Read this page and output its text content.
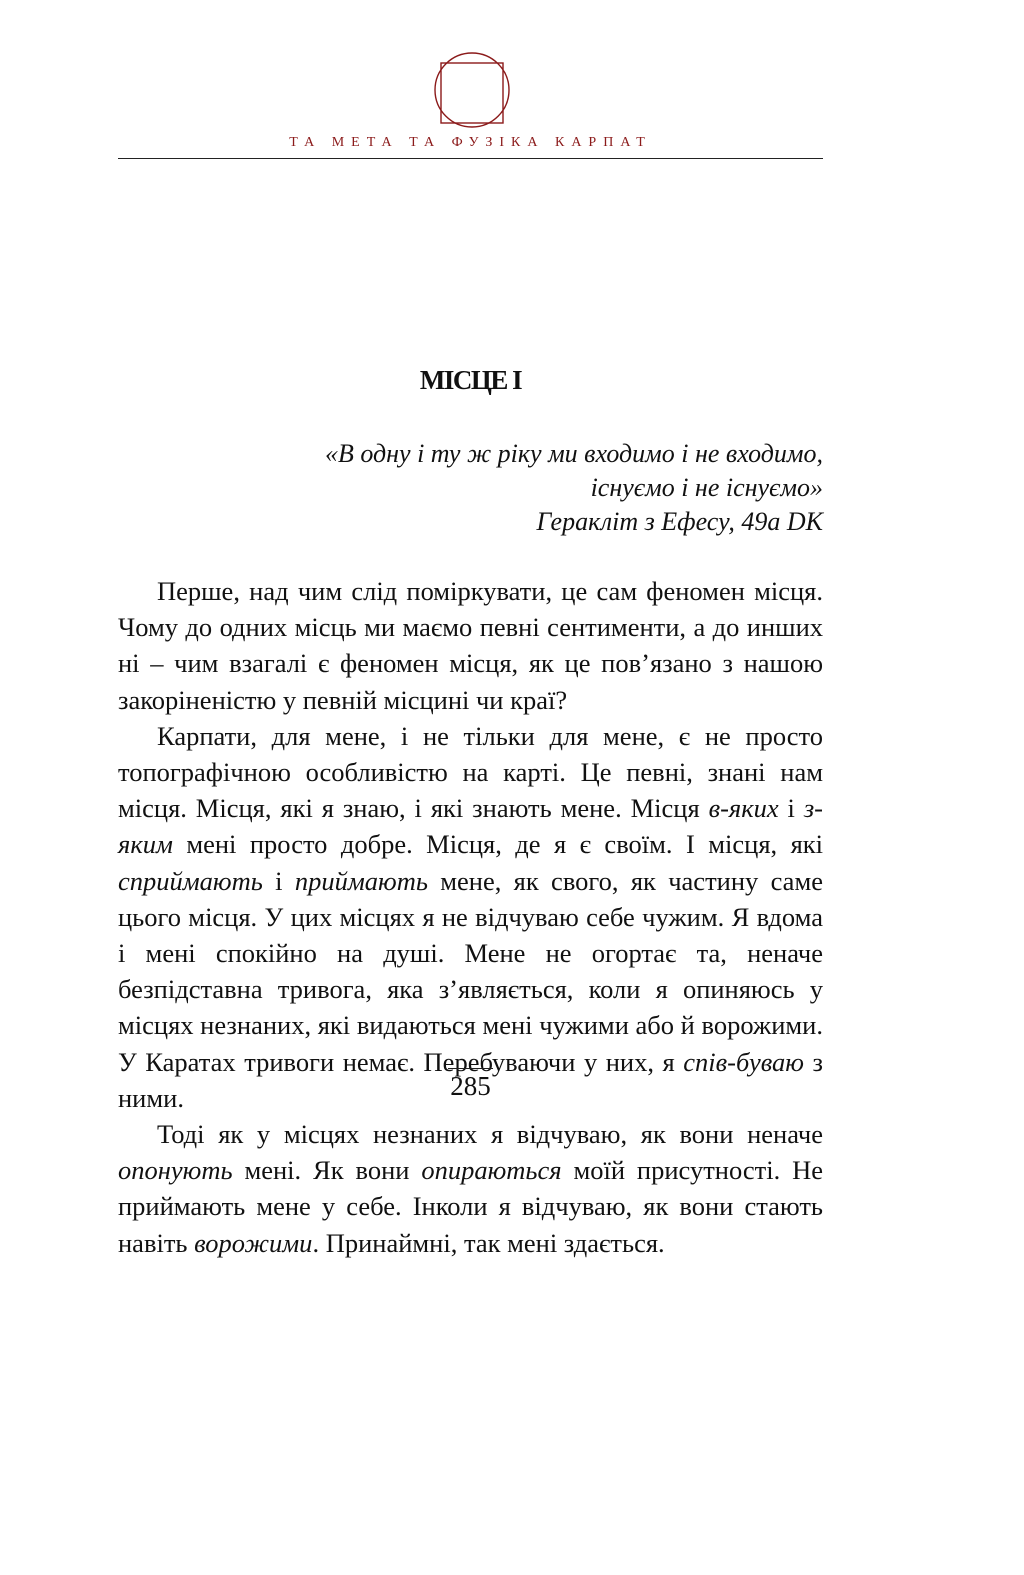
ТА МЕТА ТА ФУЗІКА КАРПАТ
МІСЦЕ І
«В одну і ту ж ріку ми входимо і не входимо,
існуємо і не існуємо»
Геракліт з Ефесу, 49a DK

Перше, над чим слід поміркувати, це сам феномен місця. Чому до одних місць ми маємо певні сентименти, а до инших ні – чим взагалі є феномен місця, як це пов’язано з нашою закоріненістю у певній місцині чи краї?

Карпати, для мене, і не тільки для мене, є не просто топографічною особливістю на карті. Це певні, знані нам місця. Місця, які я знаю, і які знають мене. Місця в-яких і з-яким мені просто добре. Місця, де я є своїм. І місця, які сприймають і приймають мене, як свого, як частину саме цього місця. У цих місцях я не відчуваю себе чужим. Я вдома і мені спокійно на душі. Мене не огортає та, неначе безпідставна тривога, яка з’являється, коли я опиняюсь у місцях незнаних, які видаються мені чужими або й ворожими. У Каратах тривоги немає. Перебуваючи у них, я спів-буваю з ними.

Тоді як у місцях незнаних я відчуваю, як вони неначе опонують мені. Як вони опираються моїй присутності. Не приймають мене у себе. Інколи я відчуваю, як вони стають навіть ворожими. Принаймні, так мені здається.

285
